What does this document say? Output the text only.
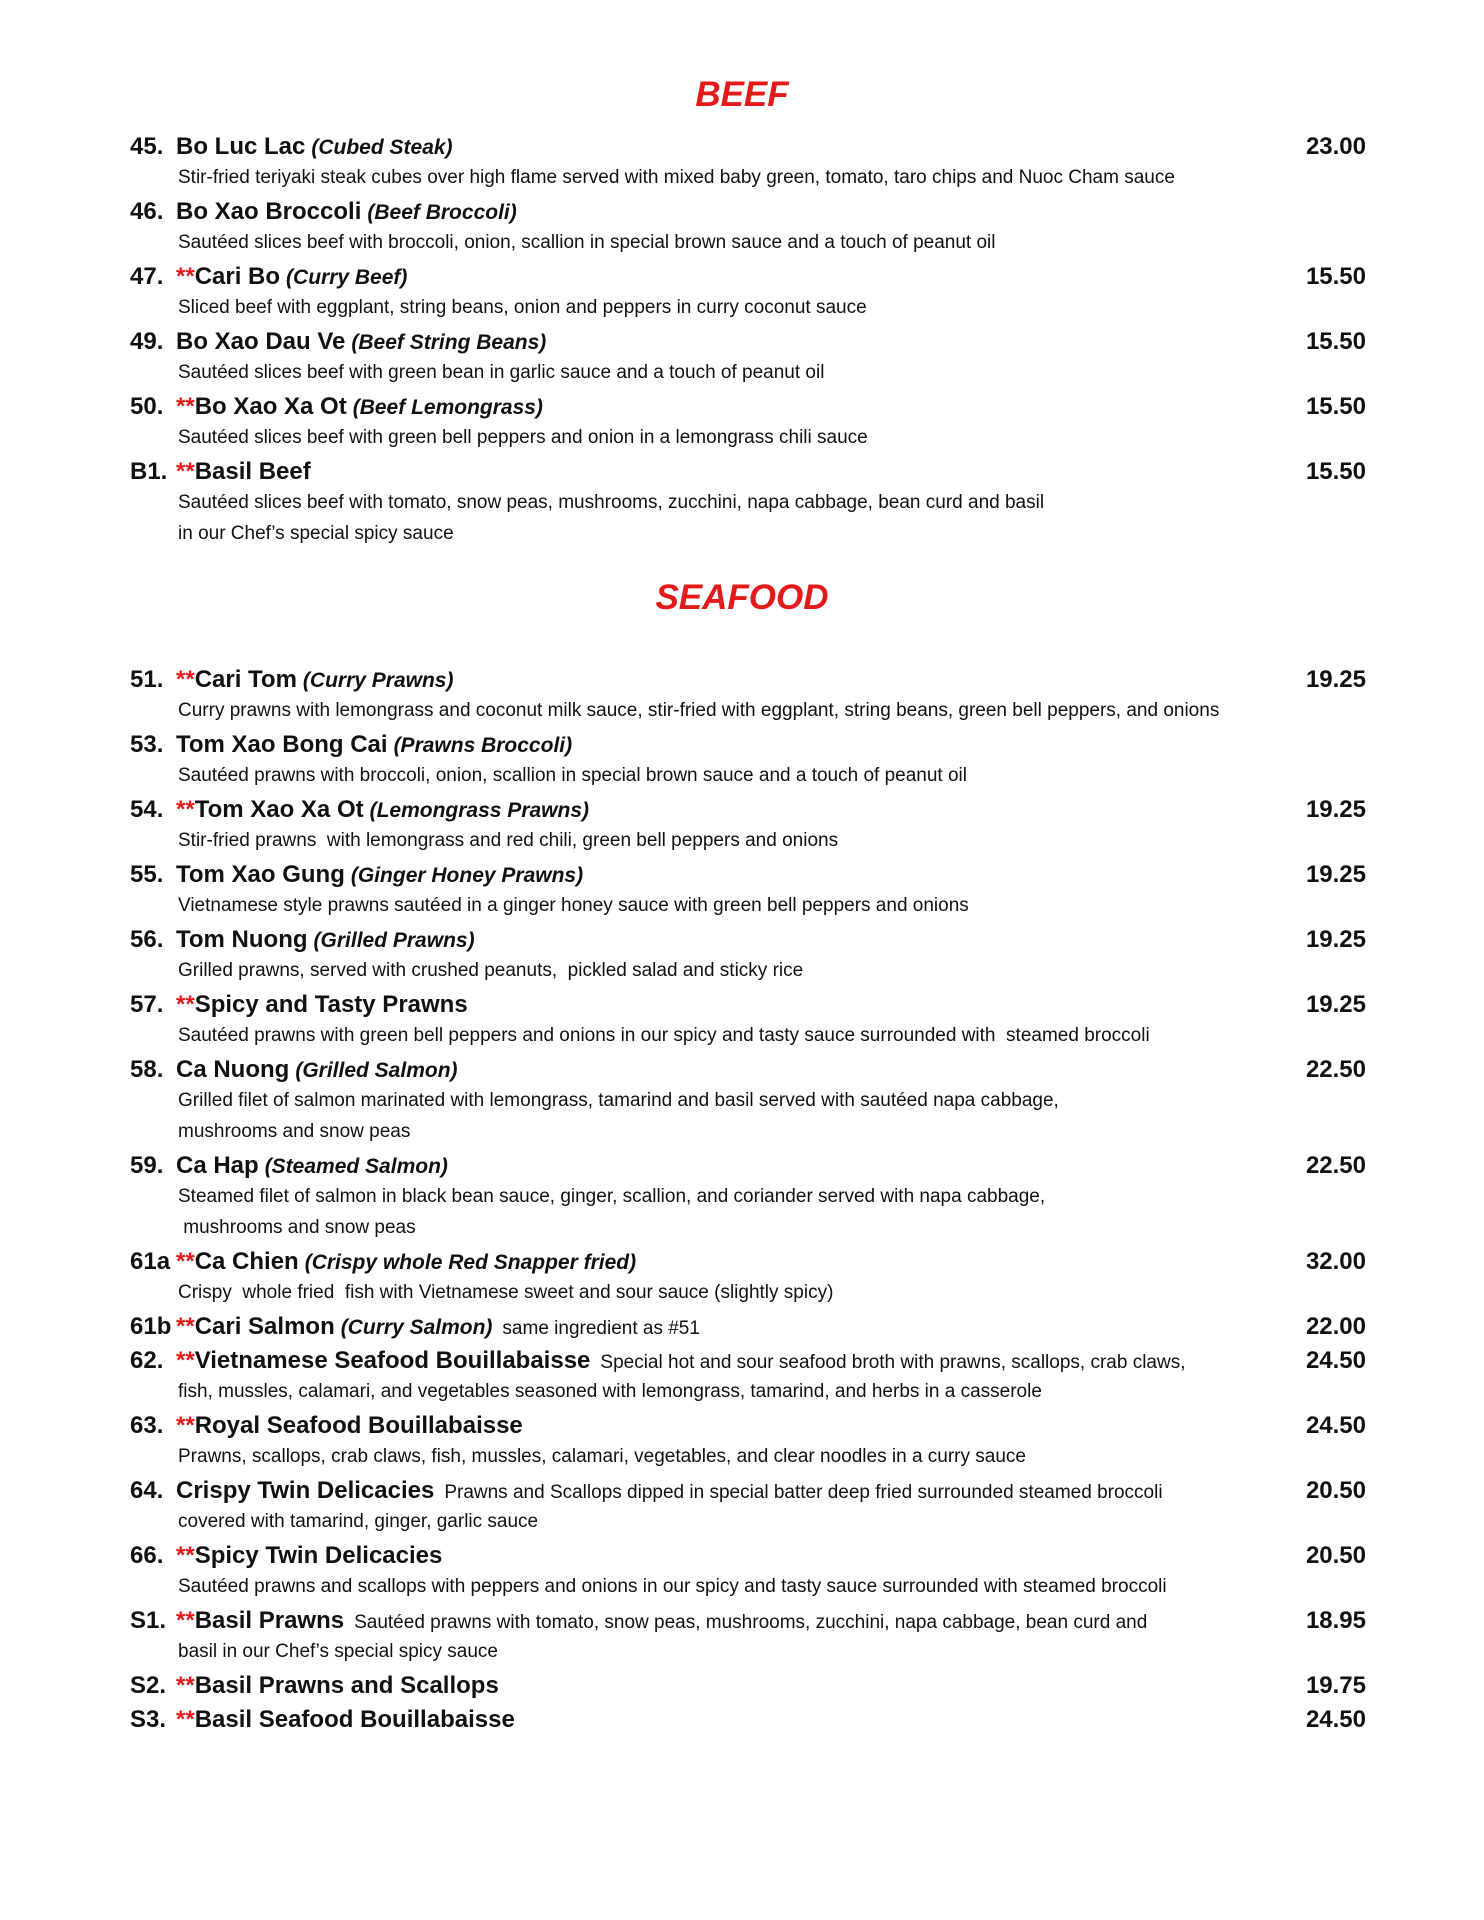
BEEF
45. Bo Luc Lac (Cubed Steak)	23.00
Stir-fried teriyaki steak cubes over high flame served with mixed baby green, tomato, taro chips and Nuoc Cham sauce
46. Bo Xao Broccoli (Beef Broccoli)
Sautéed slices beef with broccoli, onion, scallion in special brown sauce and a touch of peanut oil
47. ** Cari Bo (Curry Beef)	15.50
Sliced beef with eggplant, string beans, onion and peppers in curry coconut sauce
49. Bo Xao Dau Ve (Beef String Beans)	15.50
Sautéed slices beef with green bean in garlic sauce and a touch of peanut oil
50. ** Bo Xao Xa Ot (Beef Lemongrass)	15.50
Sautéed slices beef with green bell peppers and onion in a lemongrass chili sauce
B1. ** Basil Beef	15.50
Sautéed slices beef with tomato, snow peas, mushrooms, zucchini, napa cabbage, bean curd and basil
in our Chef’s special spicy sauce
SEAFOOD
51. ** Cari Tom (Curry Prawns)	19.25
Curry prawns with lemongrass and coconut milk sauce, stir-fried with eggplant, string beans, green bell peppers, and onions
53. Tom Xao Bong Cai (Prawns Broccoli)
Sautéed prawns with broccoli, onion, scallion in special brown sauce and a touch of peanut oil
54. ** Tom Xao Xa Ot (Lemongrass Prawns)	19.25
Stir-fried prawns  with lemongrass and red chili, green bell peppers and onions
55. Tom Xao Gung (Ginger Honey Prawns)	19.25
Vietnamese style prawns sautéed in a ginger honey sauce with green bell peppers and onions
56. Tom Nuong (Grilled Prawns)	19.25
Grilled prawns, served with crushed peanuts,  pickled salad and sticky rice
57. ** Spicy and Tasty Prawns	19.25
Sautéed prawns with green bell peppers and onions in our spicy and tasty sauce surrounded with  steamed broccoli
58. Ca Nuong (Grilled Salmon)	22.50
Grilled filet of salmon marinated with lemongrass, tamarind and basil served with sautéed napa cabbage,
mushrooms and snow peas
59. Ca Hap (Steamed Salmon)	22.50
Steamed filet of salmon in black bean sauce, ginger, scallion, and coriander served with napa cabbage,
mushrooms and snow peas
61a ** Ca Chien (Crispy whole Red Snapper fried)	32.00
Crispy  whole fried  fish with Vietnamese sweet and sour sauce (slightly spicy)
61b ** Cari Salmon (Curry Salmon) same ingredient as #51	22.00
62. ** Vietnamese Seafood Bouillabaisse Special hot and sour seafood broth with prawns, scallops, crab claws,	24.50
fish, mussles, calamari, and vegetables seasoned with lemongrass, tamarind, and herbs in a casserole
63. ** Royal Seafood Bouillabaisse	24.50
Prawns, scallops, crab claws, fish, mussles, calamari, vegetables, and clear noodles in a curry sauce
64. Crispy Twin Delicacies Prawns and Scallops dipped in special batter deep fried surrounded steamed broccoli	20.50
covered with tamarind, ginger, garlic sauce
66. ** Spicy Twin Delicacies	20.50
Sautéed prawns and scallops with peppers and onions in our spicy and tasty sauce surrounded with steamed broccoli
S1. ** Basil Prawns Sautéed prawns with tomato, snow peas, mushrooms, zucchini, napa cabbage, bean curd and	18.95
basil in our Chef’s special spicy sauce
S2. ** Basil Prawns and Scallops	19.75
S3. ** Basil Seafood Bouillabaisse	24.50
